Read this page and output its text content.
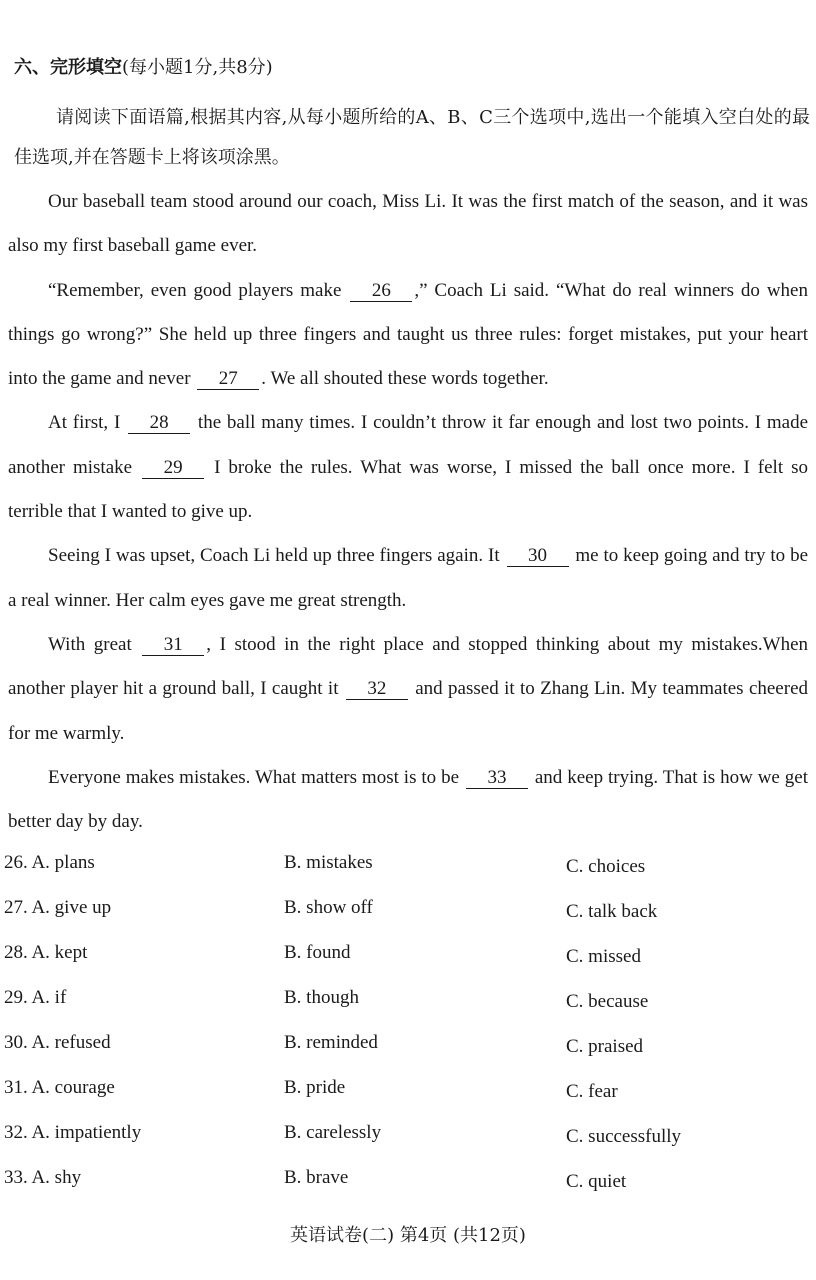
六、完形填空(每小题1分,共8分)
请阅读下面语篇,根据其内容,从每小题所给的A、B、C三个选项中,选出一个能填入空白处的最佳选项,并在答题卡上将该项涂黑。

Our baseball team stood around our coach, Miss Li. It was the first match of the season, and it was also my first baseball game ever.

“Remember, even good players make 26 ,” Coach Li said. “What do real winners do when things go wrong?” She held up three fingers and taught us three rules: forget mistakes, put your heart into the game and never 27 . We all shouted these words together.

At first, I 28 the ball many times. I couldn’t throw it far enough and lost two points. I made another mistake 29 I broke the rules. What was worse, I missed the ball once more. I felt so terrible that I wanted to give up.

Seeing I was upset, Coach Li held up three fingers again. It 30 me to keep going and try to be a real winner. Her calm eyes gave me great strength.

With great 31 , I stood in the right place and stopped thinking about my mistakes.When another player hit a ground ball, I caught it 32 and passed it to Zhang Lin. My teammates cheered for me warmly.

Everyone makes mistakes. What matters most is to be 33 and keep trying. That is how we get better day by day.

26. A. plans	B. mistakes	C. choices
27. A. give up	B. show off	C. talk back
28. A. kept	B. found	C. missed
29. A. if	B. though	C. because
30. A. refused	B. reminded	C. praised
31. A. courage	B. pride	C. fear
32. A. impatiently	B. carelessly	C. successfully
33. A. shy	B. brave	C. quiet
英语试卷(二) 第4页 (共12页)
